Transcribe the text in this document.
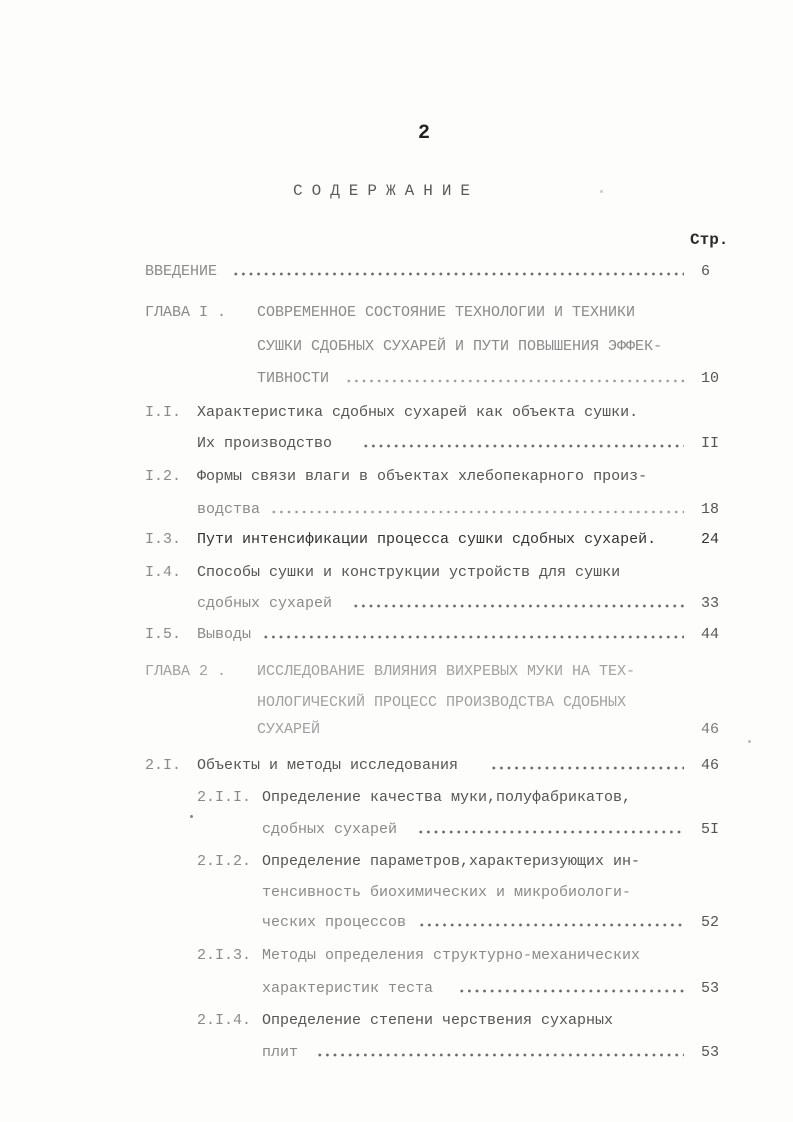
2
СОДЕРЖАНИЕ
Стр.
ВВЕДЕНИЕ	6
ГЛАВА I . СОВРЕМЕННОЕ СОСТОЯНИЕ ТЕХНОЛОГИИ И ТЕХНИКИ
СУШКИ СДОБНЫХ СУХАРЕЙ И ПУТИ ПОВЫШЕНИЯ ЭФФЕК-
ТИВНОСТИ	10
I.I. Характеристика сдобных сухарей как объекта сушки.
Их производство	II
I.2. Формы связи влаги в объектах хлебопекарного произ-
водства	18
I.3. Пути интенсификации процесса сушки сдобных сухарей.	24
I.4. Способы сушки и конструкции устройств для сушки
сдобных сухарей	33
I.5. Выводы	44
ГЛАВА 2 . ИССЛЕДОВАНИЕ ВЛИЯНИЯ ВИХРЕВЫХ МУКИ НА ТЕХ-
НОЛОГИЧЕСКИЙ ПРОЦЕСС ПРОИЗВОДСТВА СДОБНЫХ
СУХАРЕЙ	46
2.I. Объекты и методы исследования	46
2.I.I. Определение качества муки,полуфабрикатов,
сдобных сухарей	5I
2.I.2. Определение параметров,характеризующих ин-
тенсивность биохимических и микробиологи-
ческих процессов	52
2.I.3. Методы определения структурно-механических
характеристик теста	53
2.I.4. Определение степени черствения сухарных
плит	53
